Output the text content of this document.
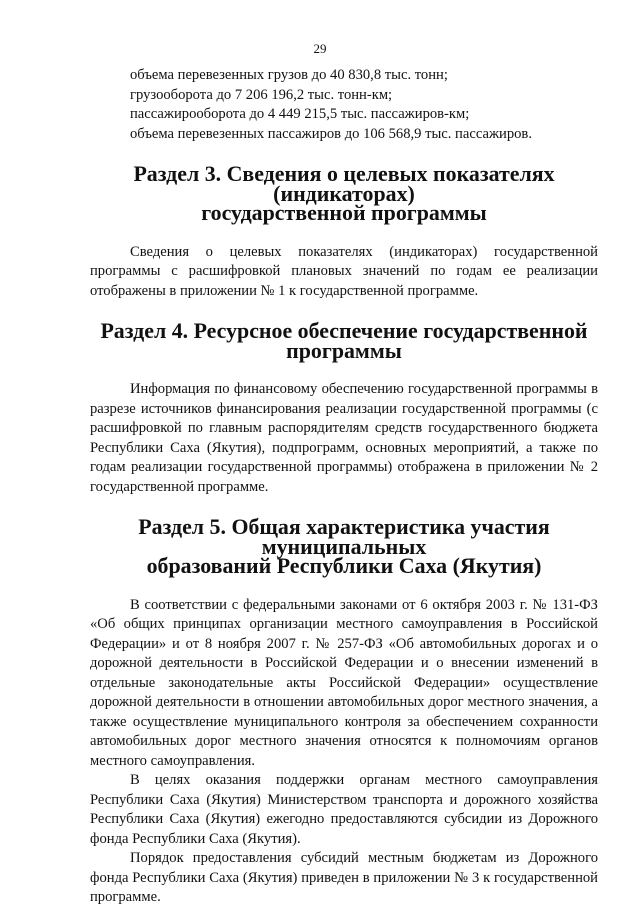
29

объема перевезенных грузов до 40 830,8 тыс. тонн;

грузооборота до 7 206 196,2 тыс. тонн-км;

пассажирооборота до 4 449 215,5 тыс. пассажиров-км;

объема перевезенных пассажиров до 106 568,9 тыс. пассажиров.

Раздел 3. Сведения о целевых показателях (индикаторах)
государственной программы

Сведения о целевых показателях (индикаторах) государственной программы с расшифровкой плановых значений по годам ее реализации отображены в приложении № 1 к государственной программе.

Раздел 4. Ресурсное обеспечение государственной программы

Информация по финансовому обеспечению государственной программы в разрезе источников финансирования реализации государственной программы (с расшифровкой по главным распорядителям средств государственного бюджета Республики Саха (Якутия), подпрограмм, основных мероприятий, а также по годам реализации государственной программы) отображена в приложении № 2 государственной программе.

Раздел 5. Общая характеристика участия муниципальных
образований Республики Саха (Якутия)

В соответствии с федеральными законами от 6 октября 2003 г. № 131-ФЗ «Об общих принципах организации местного самоуправления в Российской Федерации» и от 8 ноября 2007 г. № 257-ФЗ «Об автомобильных дорогах и о дорожной деятельности в Российской Федерации и о внесении изменений в отдельные законодательные акты Российской Федерации» осуществление дорожной деятельности в отношении автомобильных дорог местного значения, а также осуществление муниципального контроля за обеспечением сохранности автомобильных дорог местного значения относятся к полномочиям органов местного самоуправления.

В целях оказания поддержки органам местного самоуправления Республики Саха (Якутия) Министерством транспорта и дорожного хозяйства Республики Саха (Якутия) ежегодно предоставляются субсидии из Дорожного фонда Республики Саха (Якутия).

Порядок предоставления субсидий местным бюджетам из Дорожного фонда Республики Саха (Якутия) приведен в приложении № 3 к государственной программе.
